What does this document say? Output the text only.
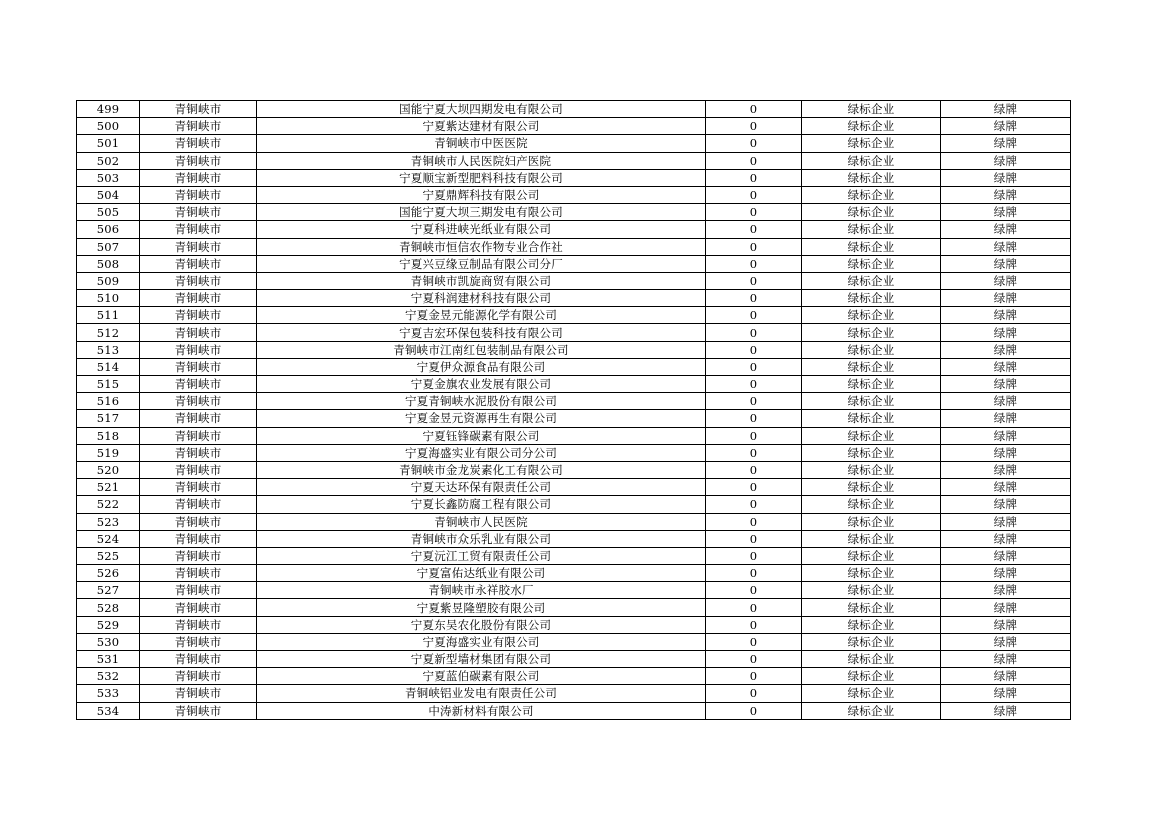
499	青铜峡市	国能宁夏大坝四期发电有限公司	0	绿标企业	绿牌
500	青铜峡市	宁夏紫达建材有限公司	0	绿标企业	绿牌
501	青铜峡市	青铜峡市中医医院	0	绿标企业	绿牌
502	青铜峡市	青铜峡市人民医院妇产医院	0	绿标企业	绿牌
503	青铜峡市	宁夏顺宝新型肥料科技有限公司	0	绿标企业	绿牌
504	青铜峡市	宁夏鼎辉科技有限公司	0	绿标企业	绿牌
505	青铜峡市	国能宁夏大坝三期发电有限公司	0	绿标企业	绿牌
506	青铜峡市	宁夏科进峡光纸业有限公司	0	绿标企业	绿牌
507	青铜峡市	青铜峡市恒信农作物专业合作社	0	绿标企业	绿牌
508	青铜峡市	宁夏兴豆缘豆制品有限公司分厂	0	绿标企业	绿牌
509	青铜峡市	青铜峡市凯旋商贸有限公司	0	绿标企业	绿牌
510	青铜峡市	宁夏科润建材科技有限公司	0	绿标企业	绿牌
511	青铜峡市	宁夏金昱元能源化学有限公司	0	绿标企业	绿牌
512	青铜峡市	宁夏吉宏环保包装科技有限公司	0	绿标企业	绿牌
513	青铜峡市	青铜峡市江南红包装制品有限公司	0	绿标企业	绿牌
514	青铜峡市	宁夏伊众源食品有限公司	0	绿标企业	绿牌
515	青铜峡市	宁夏金旗农业发展有限公司	0	绿标企业	绿牌
516	青铜峡市	宁夏青铜峡水泥股份有限公司	0	绿标企业	绿牌
517	青铜峡市	宁夏金昱元资源再生有限公司	0	绿标企业	绿牌
518	青铜峡市	宁夏钰锋碳素有限公司	0	绿标企业	绿牌
519	青铜峡市	宁夏海盛实业有限公司分公司	0	绿标企业	绿牌
520	青铜峡市	青铜峡市金龙炭素化工有限公司	0	绿标企业	绿牌
521	青铜峡市	宁夏天达环保有限责任公司	0	绿标企业	绿牌
522	青铜峡市	宁夏长鑫防腐工程有限公司	0	绿标企业	绿牌
523	青铜峡市	青铜峡市人民医院	0	绿标企业	绿牌
524	青铜峡市	青铜峡市众乐乳业有限公司	0	绿标企业	绿牌
525	青铜峡市	宁夏沅江工贸有限责任公司	0	绿标企业	绿牌
526	青铜峡市	宁夏富佑达纸业有限公司	0	绿标企业	绿牌
527	青铜峡市	青铜峡市永祥胶水厂	0	绿标企业	绿牌
528	青铜峡市	宁夏紫昱隆塑胶有限公司	0	绿标企业	绿牌
529	青铜峡市	宁夏东吴农化股份有限公司	0	绿标企业	绿牌
530	青铜峡市	宁夏海盛实业有限公司	0	绿标企业	绿牌
531	青铜峡市	宁夏新型墙材集团有限公司	0	绿标企业	绿牌
532	青铜峡市	宁夏蓝伯碳素有限公司	0	绿标企业	绿牌
533	青铜峡市	青铜峡铝业发电有限责任公司	0	绿标企业	绿牌
534	青铜峡市	中涛新材料有限公司	0	绿标企业	绿牌
